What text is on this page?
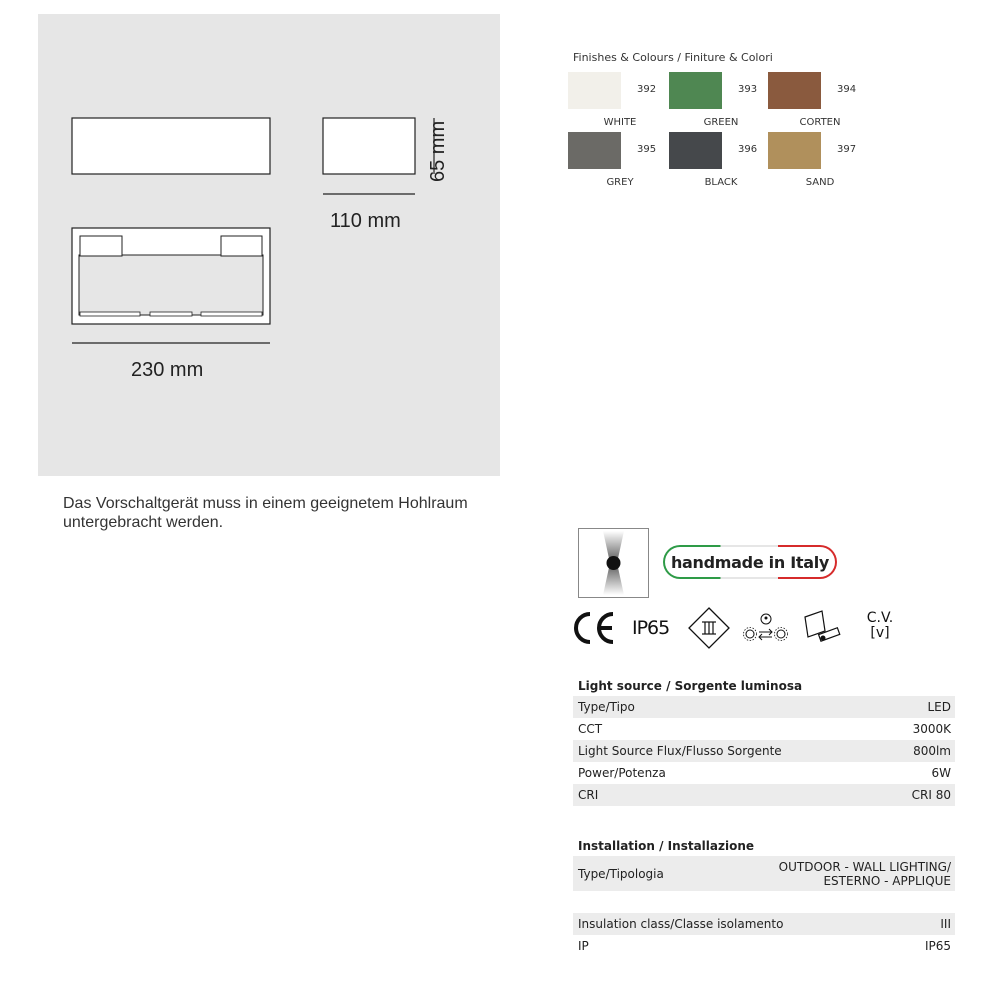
65 mm
110 mm
230 mm
Das Vorschaltgerät muss in einem geeignetem Hohlraum untergebracht werden.
Finishes & Colours / Finiture & Colori
392
WHITE
393
GREEN
394
CORTEN
395
GREY
396
BLACK
397
SAND
handmade in Italy
IP65	C.V.
[v]
Light source / Sorgente luminosa
Type/Tipo	LED
CCT	3000K
Light Source Flux/Flusso Sorgente	800lm
Power/Potenza	6W
CRI	CRI 80
Installation / Installazione
Type/Tipologia	OUTDOOR - WALL LIGHTING/
ESTERNO - APPLIQUE
Insulation class/Classe isolamento	III
IP	IP65
